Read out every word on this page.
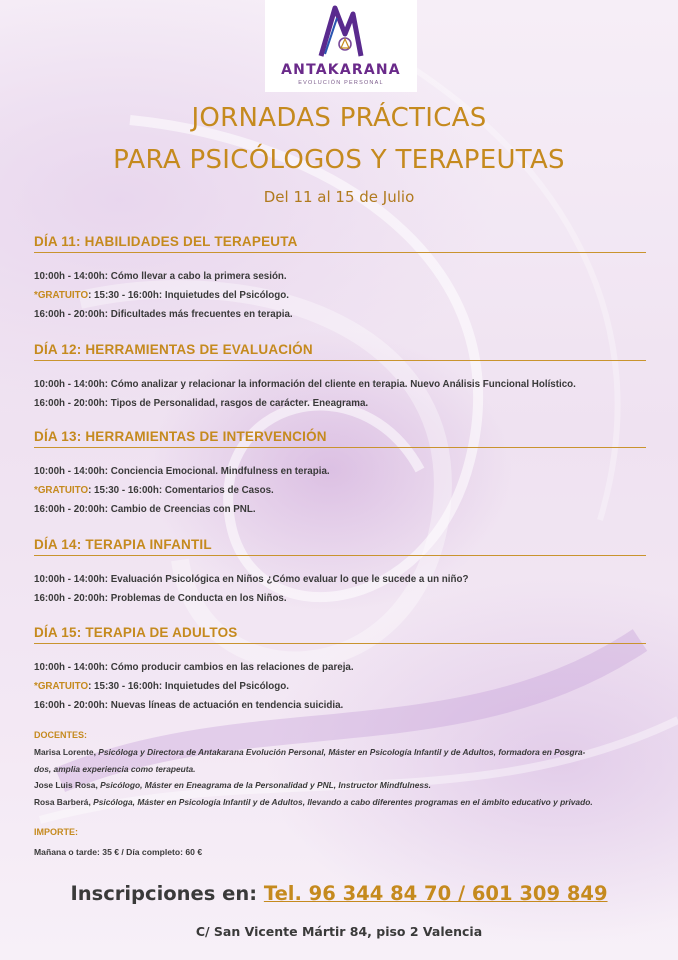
ANTAKARANA
EVOLUCIÓN PERSONAL
JORNADAS PRÁCTICAS
PARA PSICÓLOGOS Y TERAPEUTAS
Del 11 al 15 de Julio
DÍA 11: HABILIDADES DEL TERAPEUTA
10:00h - 14:00h: Cómo llevar a cabo la primera sesión.
*GRATUITO: 15:30 - 16:00h: Inquietudes del Psicólogo.
16:00h - 20:00h: Dificultades más frecuentes en terapia.
DÍA 12: HERRAMIENTAS DE EVALUACIÓN
10:00h - 14:00h: Cómo analizar y relacionar la información del cliente en terapia. Nuevo Análisis Funcional Holístico.
16:00h - 20:00h: Tipos de Personalidad, rasgos de carácter. Eneagrama.
DÍA 13: HERRAMIENTAS DE INTERVENCIÓN
10:00h - 14:00h: Conciencia Emocional. Mindfulness en terapia.
*GRATUITO: 15:30 - 16:00h: Comentarios de Casos.
16:00h - 20:00h: Cambio de Creencias con PNL.
DÍA 14: TERAPIA INFANTIL
10:00h - 14:00h: Evaluación Psicológica en Niños ¿Cómo evaluar lo que le sucede a un niño?
16:00h - 20:00h: Problemas de Conducta en los Niños.
DÍA 15: TERAPIA DE ADULTOS
10:00h - 14:00h: Cómo producir cambios en las relaciones de pareja.
*GRATUITO: 15:30 - 16:00h: Inquietudes del Psicólogo.
16:00h - 20:00h: Nuevas líneas de actuación en tendencia suicidia.
DOCENTES:
Marisa Lorente, Psicóloga y Directora de Antakarana Evolución Personal, Máster en Psicología Infantil y de Adultos, formadora en Posgra-
dos, amplia experiencia como terapeuta.
Jose Luis Rosa, Psicólogo, Máster en Eneagrama de la Personalidad y PNL, Instructor Mindfulness.
Rosa Barberá, Psicóloga, Máster en Psicología Infantil y de Adultos, llevando a cabo diferentes programas en el ámbito educativo y privado.
IMPORTE:
Mañana o tarde: 35 € / Día completo: 60 €
Inscripciones en: Tel. 96 344 84 70 / 601 309 849
C/ San Vicente Mártir 84, piso 2 Valencia
